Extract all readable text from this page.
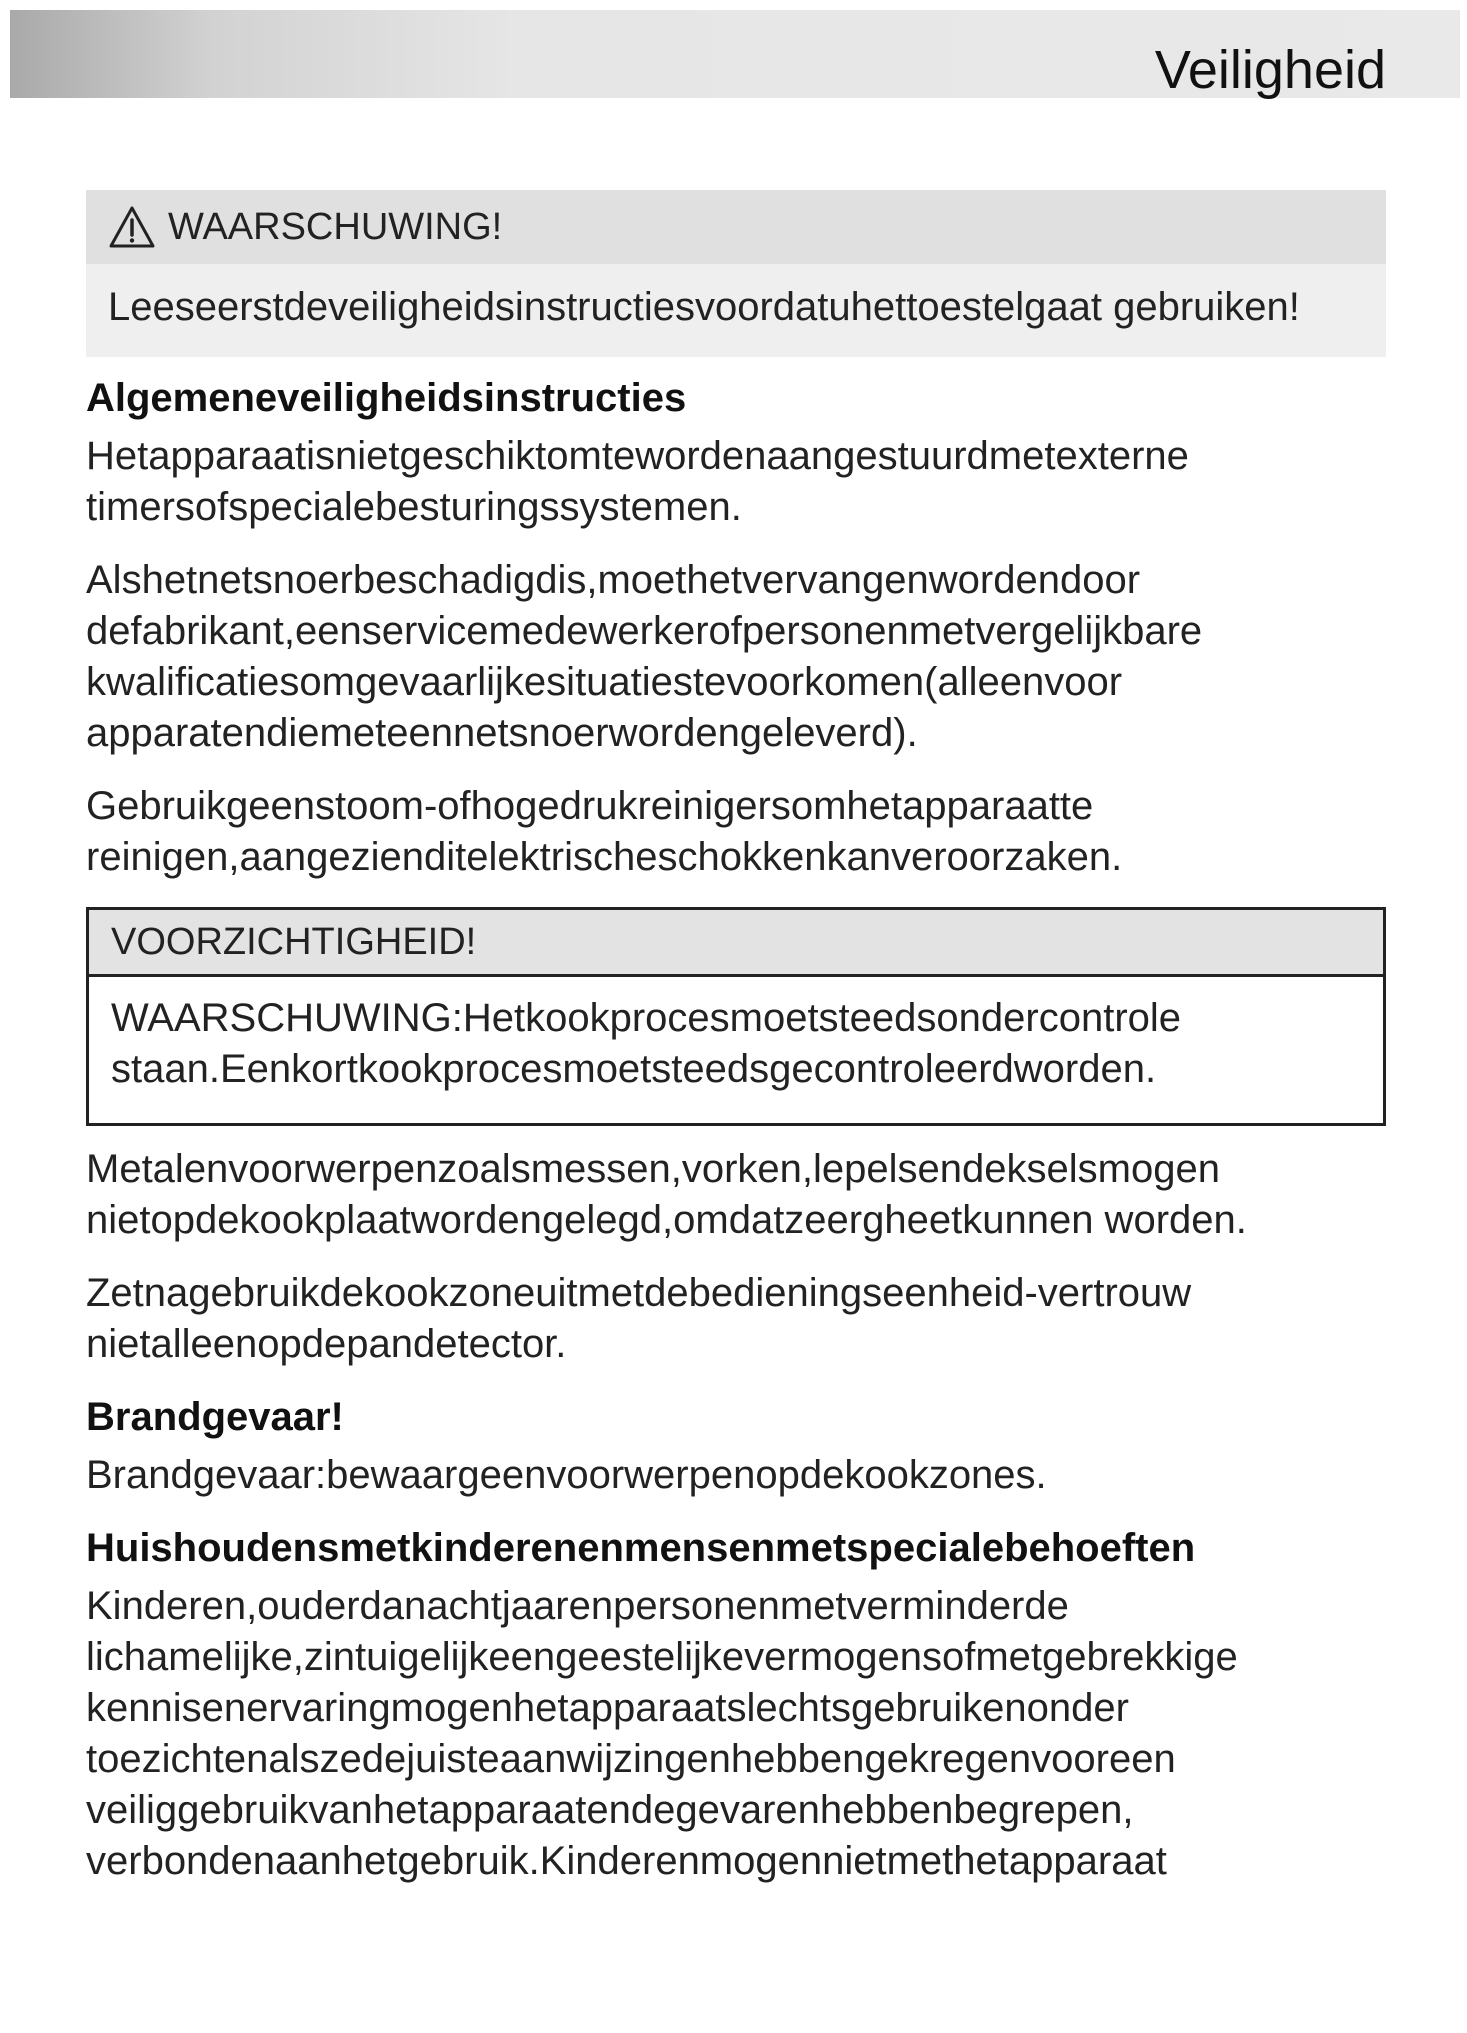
Veiligheid
WAARSCHUWING!
Leeseerstdeveiligheidsinstructiesvoordatuhettoestelgaat gebruiken!
Algemeneveiligheidsinstructies

Hetapparaatisnietgeschiktomtewordenaangestuurdmetexterne timersofspecialebesturingssystemen.

Alshetnetsnoerbeschadigdis,moethetvervangenwordendoor defabrikant,eenservicemedewerkerofpersonenmetvergelijkbare kwalificatiesomgevaarlijkesituatiestevoorkomen(alleenvoor apparatendiemeteennetsnoerwordengeleverd).

Gebruikgeenstoom-ofhogedrukreinigersomhetapparaatte reinigen,aangezienditelektrischeschokkenkanveroorzaken.

VOORZICHTIGHEID!
WAARSCHUWING:Hetkookprocesmoetsteedsondercontrole staan.Eenkortkookprocesmoetsteedsgecontroleerdworden.

Metalenvoorwerpenzoalsmessen,vorken,lepelsendekselsmogen nietopdekookplaatwordengelegd,omdatzeergheetkunnen worden.

Zetnagebruikdekookzoneuitmetdebedieningseenheid-vertrouw nietalleenopdepandetector.

Brandgevaar!

Brandgevaar:bewaargeenvoorwerpenopdekookzones.

Huishoudensmetkinderenenmensenmetspecialebehoeften

Kinderen,ouderdanachtjaarenpersonenmetverminderde lichamelijke,zintuigelijkeengeestelijkevermogensofmetgebrekkige kennisenervaringmogenhetapparaatslechtsgebruikenonder toezichtenalszedejuisteaanwijzingenhebbengekregenvooreen veiliggebruikvanhetapparaatendegevarenhebbenbegrepen, verbondenaanhetgebruik.Kinderenmogennietmethetapparaat
